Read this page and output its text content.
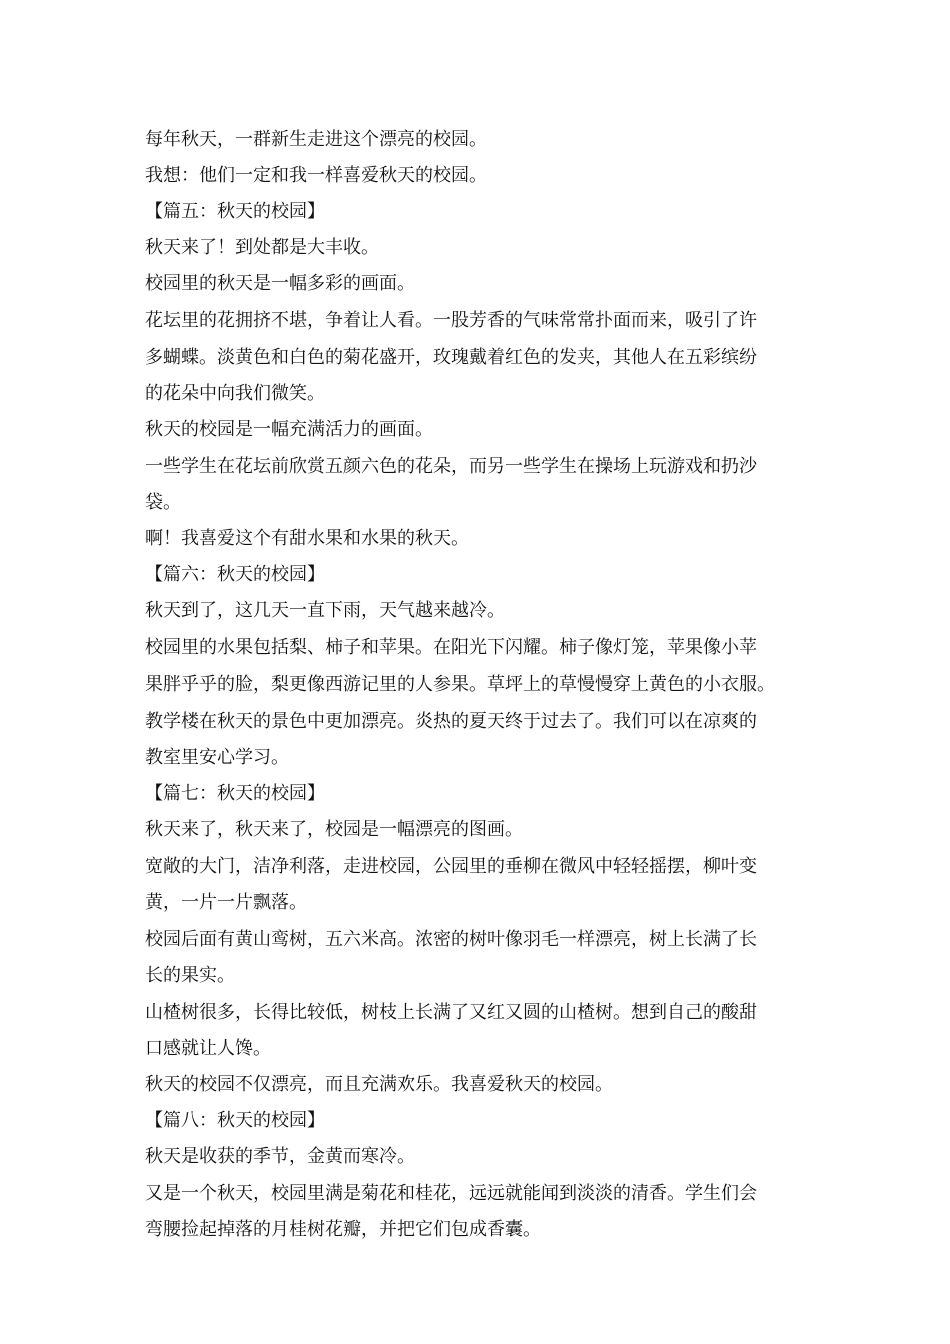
每年秋天，一群新生走进这个漂亮的校园。
我想：他们一定和我一样喜爱秋天的校园。
【篇五：秋天的校园】
秋天来了！到处都是大丰收。
校园里的秋天是一幅多彩的画面。
花坛里的花拥挤不堪，争着让人看。一股芳香的气味常常扑面而来，吸引了许
多蝴蝶。淡黄色和白色的菊花盛开，玫瑰戴着红色的发夹，其他人在五彩缤纷
的花朵中向我们微笑。
秋天的校园是一幅充满活力的画面。
一些学生在花坛前欣赏五颜六色的花朵，而另一些学生在操场上玩游戏和扔沙
袋。
啊！我喜爱这个有甜水果和水果的秋天。
【篇六：秋天的校园】
秋天到了，这几天一直下雨，天气越来越冷。
校园里的水果包括梨、柿子和苹果。在阳光下闪耀。柿子像灯笼，苹果像小苹
果胖乎乎的脸，梨更像西游记里的人参果。草坪上的草慢慢穿上黄色的小衣服。
教学楼在秋天的景色中更加漂亮。炎热的夏天终于过去了。我们可以在凉爽的
教室里安心学习。
【篇七：秋天的校园】
秋天来了，秋天来了，校园是一幅漂亮的图画。
宽敞的大门，洁净利落，走进校园，公园里的垂柳在微风中轻轻摇摆，柳叶变
黄，一片一片飘落。
校园后面有黄山鸾树，五六米高。浓密的树叶像羽毛一样漂亮，树上长满了长
长的果实。
山楂树很多，长得比较低，树枝上长满了又红又圆的山楂树。想到自己的酸甜
口感就让人馋。
秋天的校园不仅漂亮，而且充满欢乐。我喜爱秋天的校园。
【篇八：秋天的校园】
秋天是收获的季节，金黄而寒冷。
又是一个秋天，校园里满是菊花和桂花，远远就能闻到淡淡的清香。学生们会
弯腰捡起掉落的月桂树花瓣，并把它们包成香囊。
